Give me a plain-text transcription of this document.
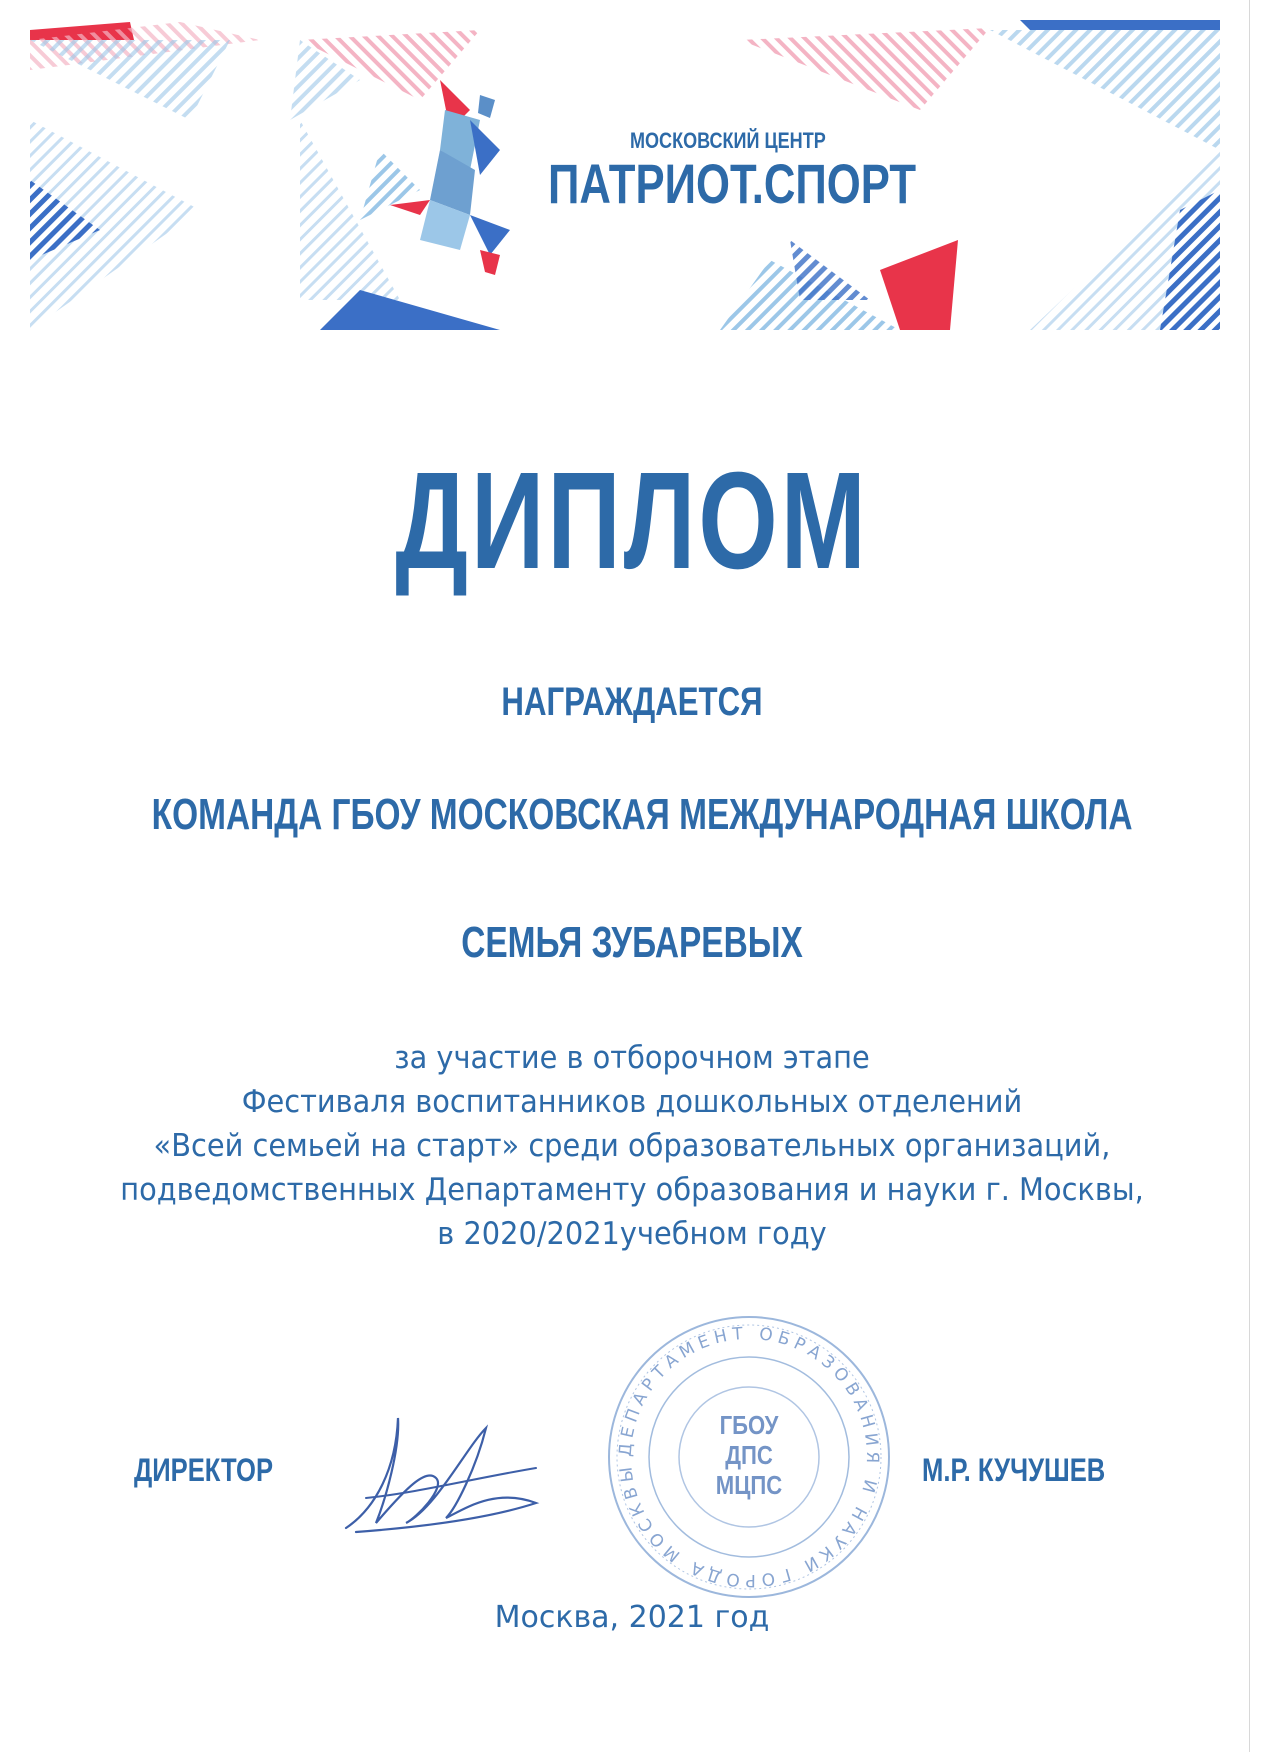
МОСКОВСКИЙ ЦЕНТР
ПАТРИОТ.СПОРТ
ДИПЛОМ
НАГРАЖДАЕТСЯ
КОМАНДА ГБОУ МОСКОВСКАЯ МЕЖДУНАРОДНАЯ ШКОЛА
СЕМЬЯ ЗУБАРЕВЫХ
за участие в отборочном этапе
Фестиваля воспитанников дошкольных отделений
«Всей семьей на старт» среди образовательных организаций,
подведомственных Департаменту образования и науки г. Москвы,
в 2020/2021учебном году
ДИРЕКТОР
ДЕПАРТАМЕНТ ОБРАЗОВАНИЯ И НАУКИ ГОРОДА МОСКВЫ
ГБОУ
ДПС
МЦПС	М.Р. КУЧУШЕВ
Москва, 2021 год
